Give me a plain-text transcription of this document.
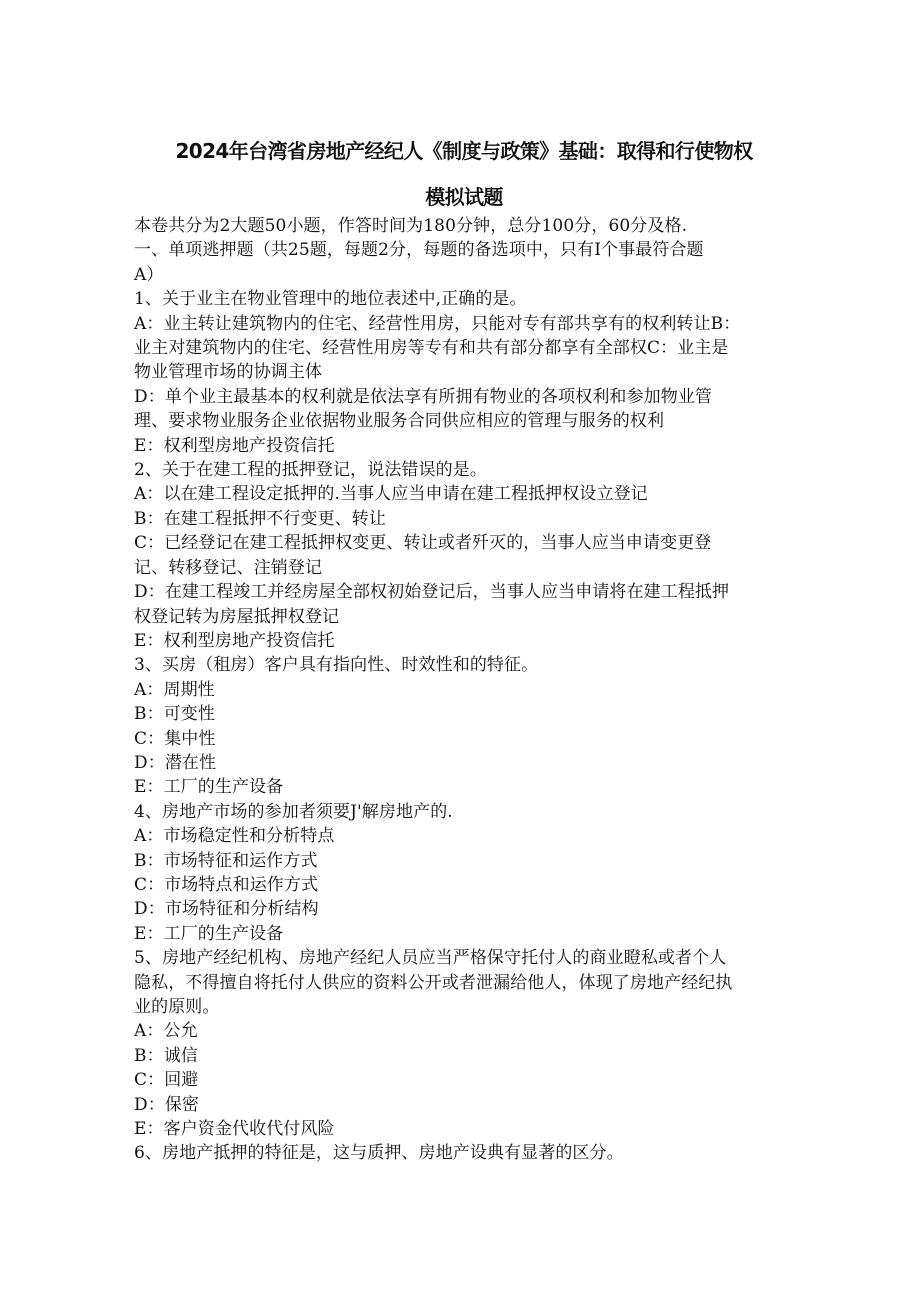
2024年台湾省房地产经纪人《制度与政策》基础：取得和行使物权

模拟试题

本卷共分为2大题50小题，作答时间为180分钟，总分100分，60分及格.

一、单项逃押题（共25题，每题2分，每题的备选项中，只有I个事最符合题

A）

1、关于业主在物业管理中的地位表述中,正确的是。

A：业主转让建筑物内的住宅、经营性用房，只能对专有部共享有的权利转让B：

业主对建筑物内的住宅、经营性用房等专有和共有部分都享有全部权C：业主是

物业管理市场的协调主体

D：单个业主最基本的权利就是依法享有所拥有物业的各项权利和参加物业管

理、要求物业服务企业依据物业服务合同供应相应的管理与服务的权利

E：权利型房地产投资信托

2、关于在建工程的抵押登记，说法错误的是。

A：以在建工程设定抵押的.当事人应当申请在建工程抵押权设立登记

B：在建工程抵押不行变更、转让

C：已经登记在建工程抵押权变更、转让或者歼灭的，当事人应当申请变更登

记、转移登记、注销登记

D：在建工程竣工并经房屋全部权初始登记后，当事人应当申请将在建工程抵押

权登记转为房屋抵押权登记

E：权利型房地产投资信托

3、买房（租房）客户具有指向性、时效性和的特征。

A：周期性

B：可变性

C：集中性

D：潜在性

E：工厂的生产设备

4、房地产市场的参加者须要J'解房地产的.

A：市场稳定性和分析特点

B：市场特征和运作方式

C：市场特点和运作方式

D：市场特征和分析结构

E：工厂的生产设备

5、房地产经纪机构、房地产经纪人员应当严格保守托付人的商业瞪私或者个人

隐私，不得擅自将托付人供应的资料公开或者泄漏给他人，体现了房地产经纪执

业的原则。

A：公允

B：诚信

C：回避

D：保密

E：客户资金代收代付风险

6、房地产抵押的特征是，这与质押、房地产设典有显著的区分。
